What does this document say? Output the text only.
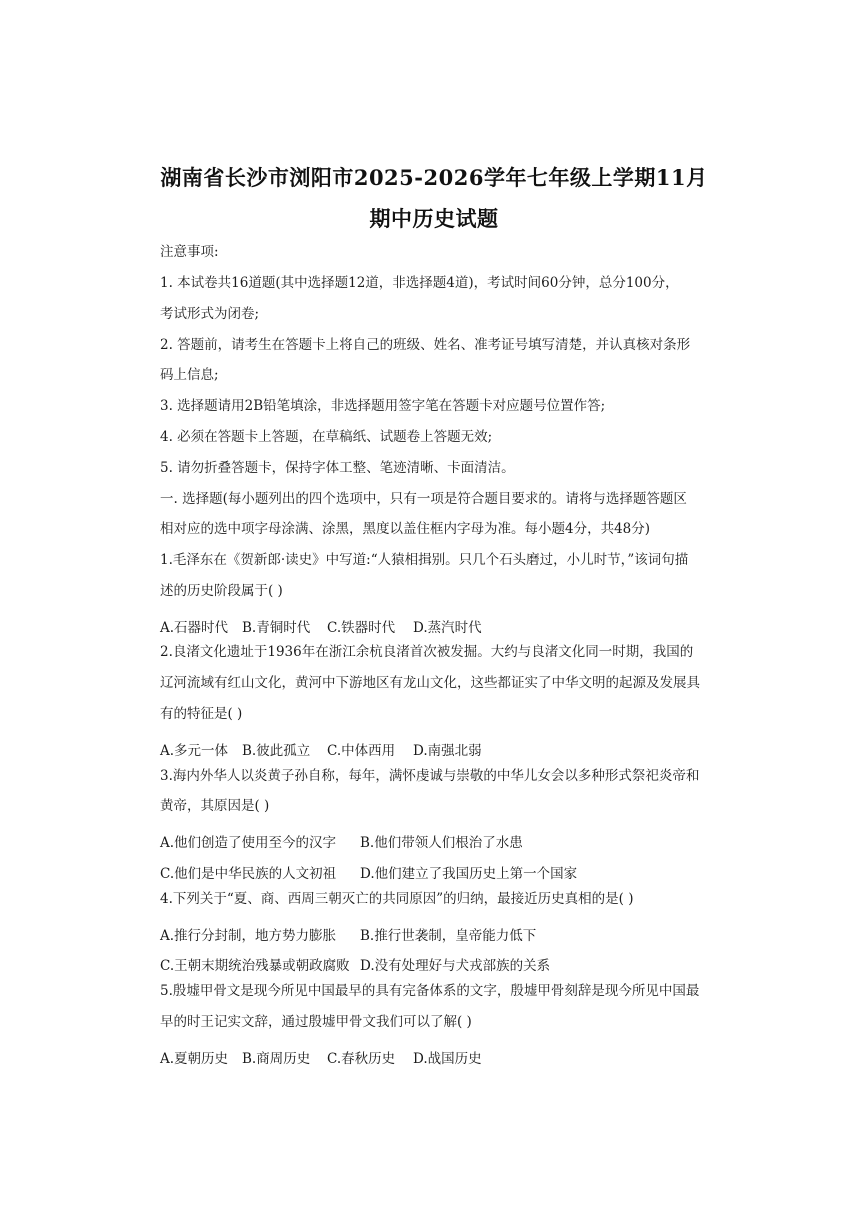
湖南省长沙市浏阳市2025-2026学年七年级上学期11月
期中历史试题
注意事项:
1. 本试卷共16道题(其中选择题12道，非选择题4道)，考试时间60分钟，总分100分，
考试形式为闭卷;
2. 答题前，请考生在答题卡上将自己的班级、姓名、准考证号填写清楚，并认真核对条形
码上信息;
3. 选择题请用2B铅笔填涂，非选择题用签字笔在答题卡对应题号位置作答;
4. 必须在答题卡上答题，在草稿纸、试题卷上答题无效;
5. 请勿折叠答题卡，保持字体工整、笔迹清晰、卡面清洁。
一. 选择题(每小题列出的四个选项中，只有一项是符合题目要求的。请将与选择题答题区
相对应的选中项字母涂满、涂黑，黑度以盖住框内字母为准。每小题4分，共48分)
1.毛泽东在《贺新郎·读史》中写道:“人猿相揖别。只几个石头磨过，小儿时节，”该词句描
述的历史阶段属于( )
A.石器时代 B.青铜时代 C.铁器时代 D.蒸汽时代
2.良渚文化遗址于1936年在浙江余杭良渚首次被发掘。大约与良渚文化同一时期，我国的
辽河流域有红山文化，黄河中下游地区有龙山文化，这些都证实了中华文明的起源及发展具
有的特征是( )
A.多元一体 B.彼此孤立 C.中体西用 D.南强北弱
3.海内外华人以炎黄子孙自称，每年，满怀虔诚与崇敬的中华儿女会以多种形式祭祀炎帝和
黄帝，其原因是( )
A.他们创造了使用至今的汉字 B.他们带领人们根治了水患
C.他们是中华民族的人文初祖 D.他们建立了我国历史上第一个国家
4.下列关于“夏、商、西周三朝灭亡的共同原因”的归纳，最接近历史真相的是( )
A.推行分封制，地方势力膨胀 B.推行世袭制，皇帝能力低下
C.王朝末期统治残暴或朝政腐败 D.没有处理好与犬戎部族的关系
5.殷墟甲骨文是现今所见中国最早的具有完备体系的文字，殷墟甲骨刻辞是现今所见中国最
早的时王记实文辞，通过殷墟甲骨文我们可以了解( )
A.夏朝历史 B.商周历史 C.春秋历史 D.战国历史
